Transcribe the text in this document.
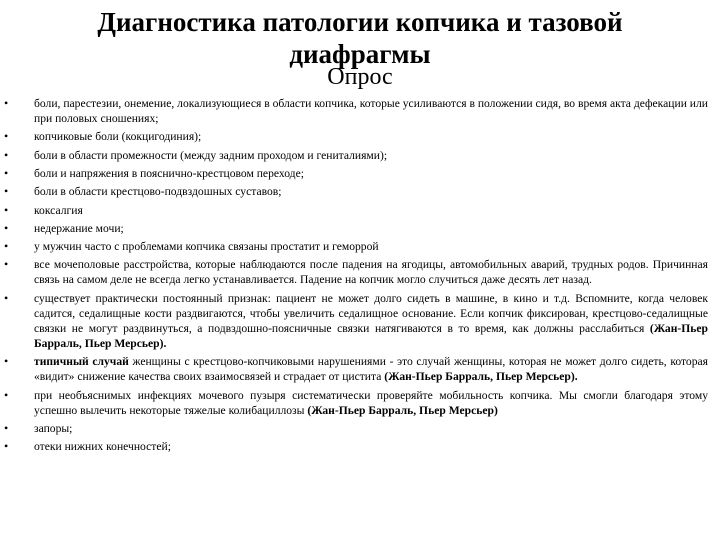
Диагностика патологии копчика и тазовой
диафрагмы
Опрос
• боли, парестезии, онемение, локализующиеся в области копчика, которые усиливаются в положении сидя, во время акта дефекации или при половых сношениях;
• копчиковые боли (кокцигодиния);
• боли в области промежности (между задним проходом и гениталиями);
• боли и напряжения в пояснично-крестцовом переходе;
• боли в области крестцово-подвздошных суставов;
• коксалгия
• недержание мочи;
• у мужчин часто с проблемами копчика связаны простатит и геморрой
• все мочеполовые расстройства, которые наблюдаются после падения на ягодицы, автомобильных аварий, трудных родов. Причинная связь на самом деле не всегда легко устанавливается. Падение на копчик могло случиться даже десять лет назад.
• существует практически постоянный признак: пациент не может долго сидеть в машине, в кино и т.д. Вспомните, когда человек садится, седалищные кости раздвигаются, чтобы увеличить седалищное основание. Если копчик фиксирован, крестцово-седалищные связки не могут раздвинуться, а подвздошно-поясничные связки натягиваются в то время, как должны расслабиться (Жан-Пьер Барраль, Пьер Мерсьер).
• типичный случай женщины с крестцово-копчиковыми нарушениями - это случай женщины, которая не может долго сидеть, которая «видит» снижение качества своих взаимосвязей и страдает от цистита (Жан-Пьер Барраль, Пьер Мерсьер).
• при необъяснимых инфекциях мочевого пузыря систематически проверяйте мобильность копчика. Мы смогли благодаря этому успешно вылечить некоторые тяжелые колибациллозы (Жан-Пьер Барраль, Пьер Мерсьер)
• запоры;
• отеки нижних конечностей;
